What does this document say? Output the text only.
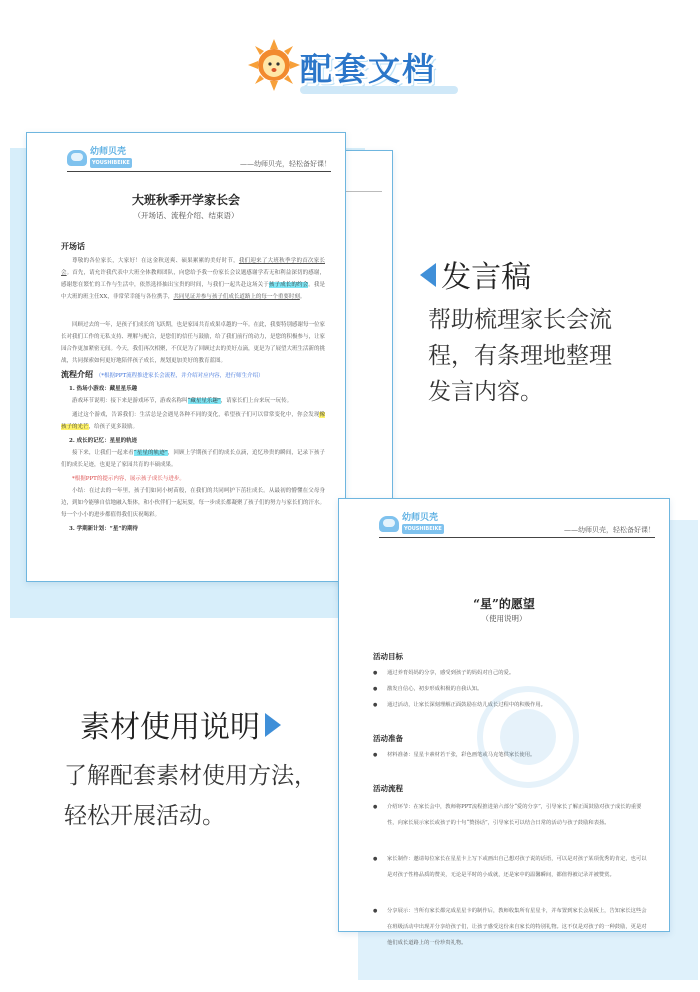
配套文档
幼师贝壳
YOUSHIBEIKE	——幼师贝壳，轻松备好课！
大班秋季开学家长会
（开场话、流程介绍、结束语）
开场话
尊敬的各位家长，大家好！在这金秋送爽、硕果累累的美好时节，我们迎来了大班秋季学的首次家长会。首先，请允许我代表中大班全体教师团队，向您给予我一份家长会议题感谢学若无和利益深切的感谢，感谢您在繁忙的工作与生活中，依然选择抽出宝贵的时间，与我们一起共赴这场关于孩子成长的约会。我是中大班的班主任XX，非常荣幸能与各位携手，共同见证并参与孩子们成长道路上的每一个重要时刻。
回顾过去的一年，是孩子们成长的飞跃期，也是家园共育成果卓越的一年。在此，我要特别感谢每一位家长对我们工作的无私支持、理解与配合，是您们的信任与鼓励，给了我们前行的动力，是您的积极参与，让家园合作更加紧密无间。今天，我们再次相聚，不仅是为了回顾过去的美好点滴，更是为了展望大班生活新的挑战，共同探索如何更好地陪伴孩子成长，规划更加美好的教育蓝图。
流程介绍 （*根据PPT流程推进家长会流程，并介绍对应内容，进行师生介绍）
1. 热场小游戏：藏星星乐趣
游戏环节说明：接下来是游戏环节，游戏名称叫“藏星星乐趣”，请家长们上台来玩一玩传。
通过这个游戏，告诉我们：生活总是会遇见各种不同的变化，希望孩子们可以常常变化中，你会发现像孩子的光芒，给孩子更多鼓励。
2. 成长的记忆：星星的轨迹
接下来，让我们一起来看“星星的轨迹”，回顾上学期孩子们的成长点滴，追忆珍贵的瞬间，记录下孩子们的成长足迹，也更是了家园共育的丰硕成果。
*根据PPT的提示内容，展示孩子成长与进步。
小结：在过去的一年里，孩子们如同小树苗般，在我们的共同呵护下茁壮成长。从最初的懵懂在父母身边，到如今能够自信地融入集体，和小伙伴们一起玩耍，每一步成长都凝聚了孩子们的努力与家长们的汗水。每一个小小的进步都值得我们庆祝喝彩。
3. 学期新计划：“星”的期待
发言稿
帮助梳理家长会流
程，有条理地整理
发言内容。
幼师贝壳
YOUSHIBEIKE	——幼师贝壳，轻松备好课！
“星”的愿望
（使用说明）
活动目标
● 通过养育妈妈的分享，感受到孩子的妈妈对自己的爱。
● 激发自信心，初步形成积极的自我认知。
● 通过活动，让家长深刻理解正面鼓励在幼儿成长过程中的积极作用。
活动准备
● 材料准备：星星卡素材若干张，彩色画笔或马克笔供家长使用。
活动流程
● 介绍环节：在家长会中，教师将PPT流程推进第六部分“爱的分享”，引导家长了解正面鼓励对孩子成长的重要性，向家长展示家长或孩子的十句“赞扬话”，引导家长可以结合日常的活动与孩子鼓励和表扬。
● 家长制作：邀请每位家长在星星卡上写下或画出自己想对孩子说的话语，可以是对孩子某项优秀的肯定，也可以是对孩子性格品质的赞美，无论是平时的小成就，还是家中的温馨瞬间，都值得被记录并被赞赏。
● 分享展示：当所有家长都完成星星卡的制作后，教师收集所有星星卡，并布置到家长会展板上，告知家长这些会在班级活动中出现并分享给孩子们，让孩子感受这份来自家长的特别礼物。这不仅是对孩子的一种鼓励，更是对他们成长道路上的一份珍贵礼物。
素材使用说明
了解配套素材使用方法，
轻松开展活动。
